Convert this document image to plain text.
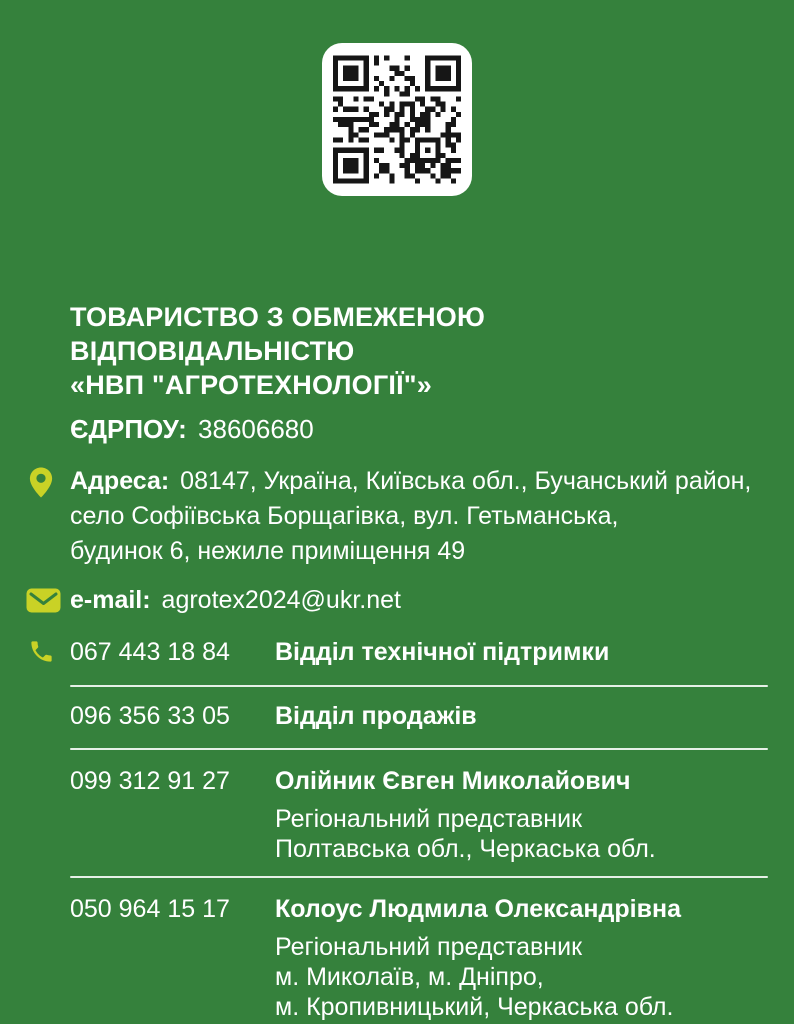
ТОВАРИСТВО З ОБМЕЖЕНОЮ ВІДПОВІДАЛЬНІСТЮ
«НВП "АГРОТЕХНОЛОГІЇ"»
ЄДРПОУ: 38606680
Адреса: 08147, Україна, Київська обл., Бучанський район,
село Софіївська Борщагівка, вул. Гетьманська,
будинок 6, нежиле приміщення 49
e-mail: agrotex2024@ukr.net
067 443 18 84	Відділ технічної підтримки
096 356 33 05	Відділ продажів
099 312 91 27	Олійник Євген Миколайович
Регіональний представник
Полтавська обл., Черкаська обл.
050 964 15 17	Колоус Людмила Олександрівна
Регіональний представник
м. Миколаїв, м. Дніпро,
м. Кропивницький, Черкаська обл.
